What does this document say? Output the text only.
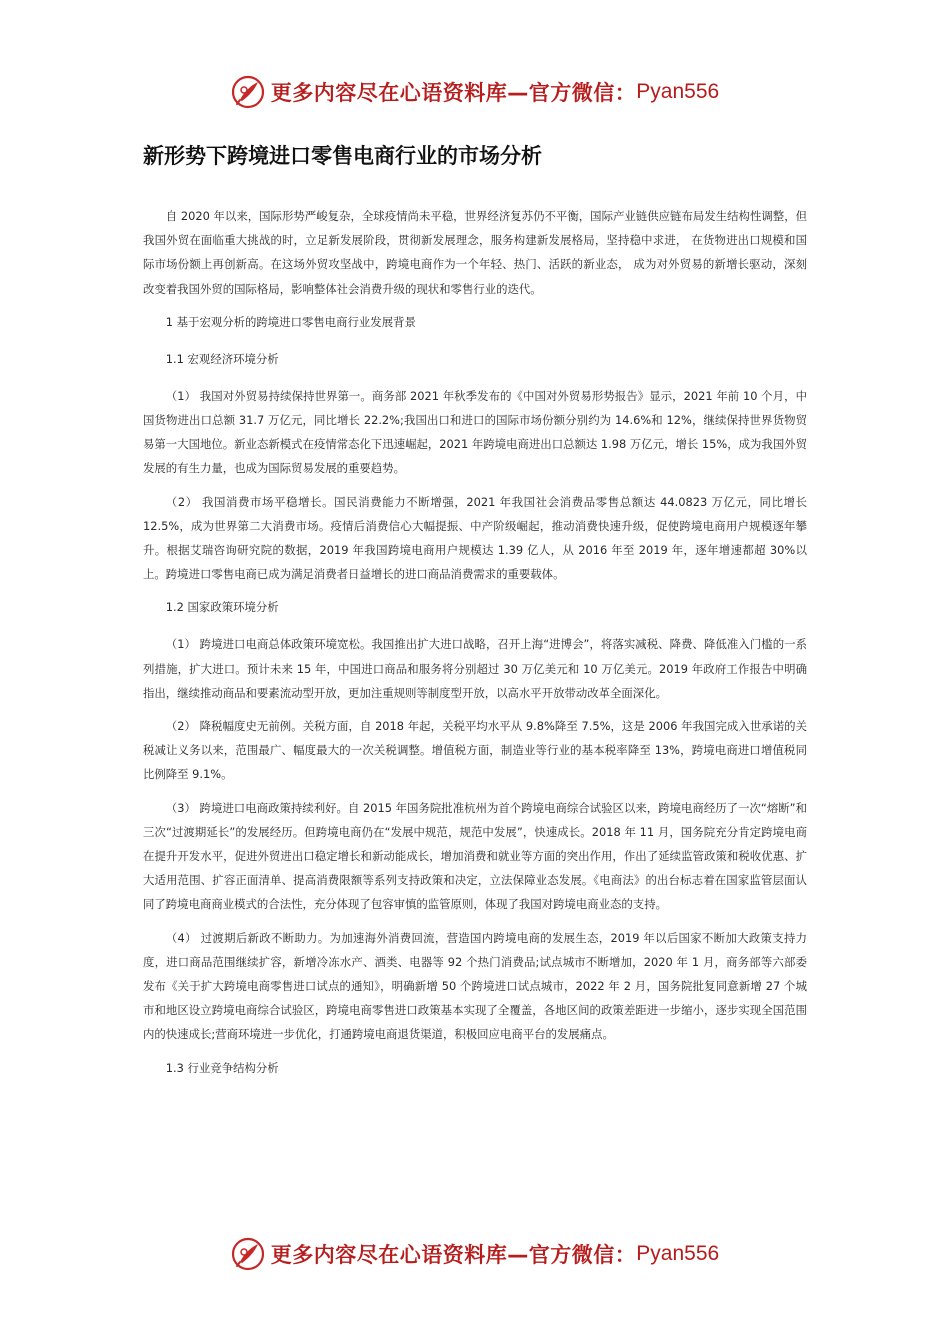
更多内容尽在心语资料库—官方微信： Pyan556
新形势下跨境进口零售电商行业的市场分析

自 2020 年以来，国际形势严峻复杂，全球疫情尚未平稳，世界经济复苏仍不平衡，国际产业链供应链布局发生结构性调整，但我国外贸在面临重大挑战的时，立足新发展阶段，贯彻新发展理念，服务构建新发展格局，坚持稳中求进， 在货物进出口规模和国际市场份额上再创新高。在这场外贸攻坚战中，跨境电商作为一个年轻、热门、活跃的新业态， 成为对外贸易的新增长驱动，深刻改变着我国外贸的国际格局，影响整体社会消费升级的现状和零售行业的迭代。

1 基于宏观分析的跨境进口零售电商行业发展背景

1.1 宏观经济环境分析

（1） 我国对外贸易持续保持世界第一。商务部 2021 年秋季发布的《中国对外贸易形势报告》显示，2021 年前 10 个月，中国货物进出口总额 31.7 万亿元，同比增长 22.2%;我国出口和进口的国际市场份额分别约为 14.6%和 12%，继续保持世界货物贸易第一大国地位。新业态新模式在疫情常态化下迅速崛起，2021 年跨境电商进出口总额达 1.98 万亿元，增长 15%，成为我国外贸发展的有生力量，也成为国际贸易发展的重要趋势。

（2） 我国消费市场平稳增长。国民消费能力不断增强，2021 年我国社会消费品零售总额达 44.0823 万亿元，同比增长 12.5%，成为世界第二大消费市场。疫情后消费信心大幅提振、中产阶级崛起，推动消费快速升级，促使跨境电商用户规模逐年攀升。根据艾瑞咨询研究院的数据，2019 年我国跨境电商用户规模达 1.39 亿人，从 2016 年至 2019 年，逐年增速都超 30%以上。跨境进口零售电商已成为满足消费者日益增长的进口商品消费需求的重要载体。

1.2 国家政策环境分析

（1） 跨境进口电商总体政策环境宽松。我国推出扩大进口战略，召开上海“进博会”，将落实减税、降费、降低准入门槛的一系列措施，扩大进口。预计未来 15 年，中国进口商品和服务将分别超过 30 万亿美元和 10 万亿美元。2019 年政府工作报告中明确指出，继续推动商品和要素流动型开放，更加注重规则等制度型开放，以高水平开放带动改革全面深化。

（2） 降税幅度史无前例。关税方面，自 2018 年起，关税平均水平从 9.8%降至 7.5%，这是 2006 年我国完成入世承诺的关税减让义务以来，范围最广、幅度最大的一次关税调整。增值税方面，制造业等行业的基本税率降至 13%，跨境电商进口增值税同比例降至 9.1%。

（3） 跨境进口电商政策持续利好。自 2015 年国务院批准杭州为首个跨境电商综合试验区以来，跨境电商经历了一次“熔断”和三次“过渡期延长”的发展经历。但跨境电商仍在“发展中规范，规范中发展”，快速成长。2018 年 11 月，国务院充分肯定跨境电商在提升开发水平，促进外贸进出口稳定增长和新动能成长，增加消费和就业等方面的突出作用，作出了延续监管政策和税收优惠、扩大适用范围、扩容正面清单、提高消费限额等系列支持政策和决定，立法保障业态发展。《电商法》的出台标志着在国家监管层面认同了跨境电商商业模式的合法性，充分体现了包容审慎的监管原则，体现了我国对跨境电商业态的支持。

（4） 过渡期后新政不断助力。为加速海外消费回流，营造国内跨境电商的发展生态，2019 年以后国家不断加大政策支持力度，进口商品范围继续扩容，新增冷冻水产、酒类、电器等 92 个热门消费品;试点城市不断增加，2020 年 1 月，商务部等六部委发布《关于扩大跨境电商零售进口试点的通知》，明确新增 50 个跨境进口试点城市，2022 年 2 月，国务院批复同意新增 27 个城市和地区设立跨境电商综合试验区，跨境电商零售进口政策基本实现了全覆盖，各地区间的政策差距进一步缩小，逐步实现全国范围内的快速成长;营商环境进一步优化，打通跨境电商退货渠道，积极回应电商平台的发展痛点。

1.3 行业竞争结构分析

更多内容尽在心语资料库—官方微信： Pyan556
